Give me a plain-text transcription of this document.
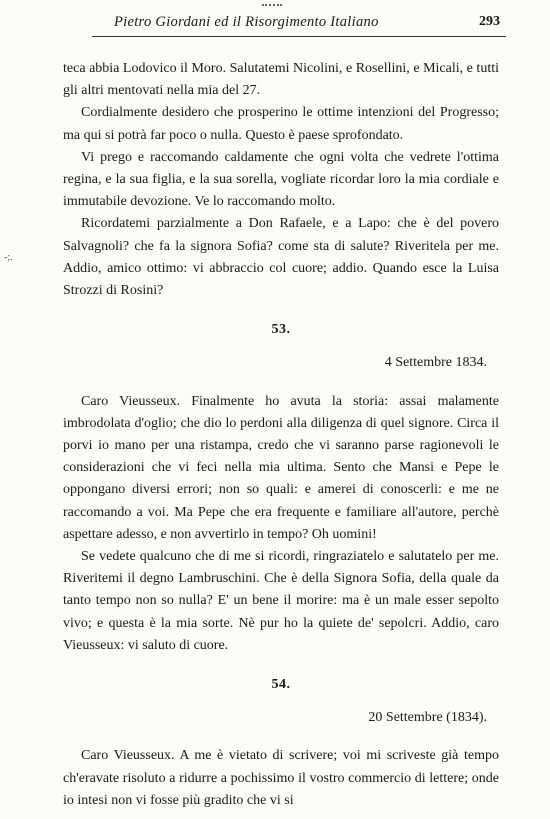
Pietro Giordani ed il Risorgimento Italiano	293
-;.

teca abbia Lodovico il Moro. Salutatemi Nicolini, e Rosellini, e Micali, e tutti gli altri mentovati nella mia del 27.

Cordialmente desidero che prosperino le ottime intenzioni del Progresso; ma qui si potrà far poco o nulla. Questo è paese sprofondato.

Vi prego e raccomando caldamente che ogni volta che vedrete l'ottima regina, e la sua figlia, e la sua sorella, vogliate ricordar loro la mia cordiale e immutabile devozione. Ve lo raccomando molto.

Ricordatemi parzialmente a Don Rafaele, e a Lapo: che è del povero Salvagnoli? che fa la signora Sofia? come sta di salute? Riveritela per me. Addio, amico ottimo: vi abbraccio col cuore; addio. Quando esce la Luisa Strozzi di Rosini?

53.
4 Settembre 1834.

Caro Vieusseux. Finalmente ho avuta la storia: assai malamente imbrodolata d'oglio; che dio lo perdoni alla diligenza di quel signore. Circa il porvi io mano per una ristampa, credo che vi saranno parse ragionevoli le considerazioni che vi feci nella mia ultima. Sento che Mansi e Pepe le oppongano diversi errori; non so quali: e amerei di conoscerli: e me ne raccomando a voi. Ma Pepe che era frequente e familiare all'autore, perchè aspettare adesso, e non avvertirlo in tempo? Oh uomini!

Se vedete qualcuno che di me si ricordi, ringraziatelo e salutatelo per me. Riveritemi il degno Lambruschini. Che è della Signora Sofia, della quale da tanto tempo non so nulla? E' un bene il morire: ma è un male esser sepolto vivo; e questa è la mia sorte. Nè pur ho la quiete de' sepolcri. Addio, caro Vieusseux: vi saluto di cuore.

54.
20 Settembre (1834).

Caro Vieusseux. A me è vietato di scrivere; voi mi scriveste già tempo ch'eravate risoluto a ridurre a pochissimo il vostro commercio di lettere; onde io intesi non vi fosse più gradito che vi si
